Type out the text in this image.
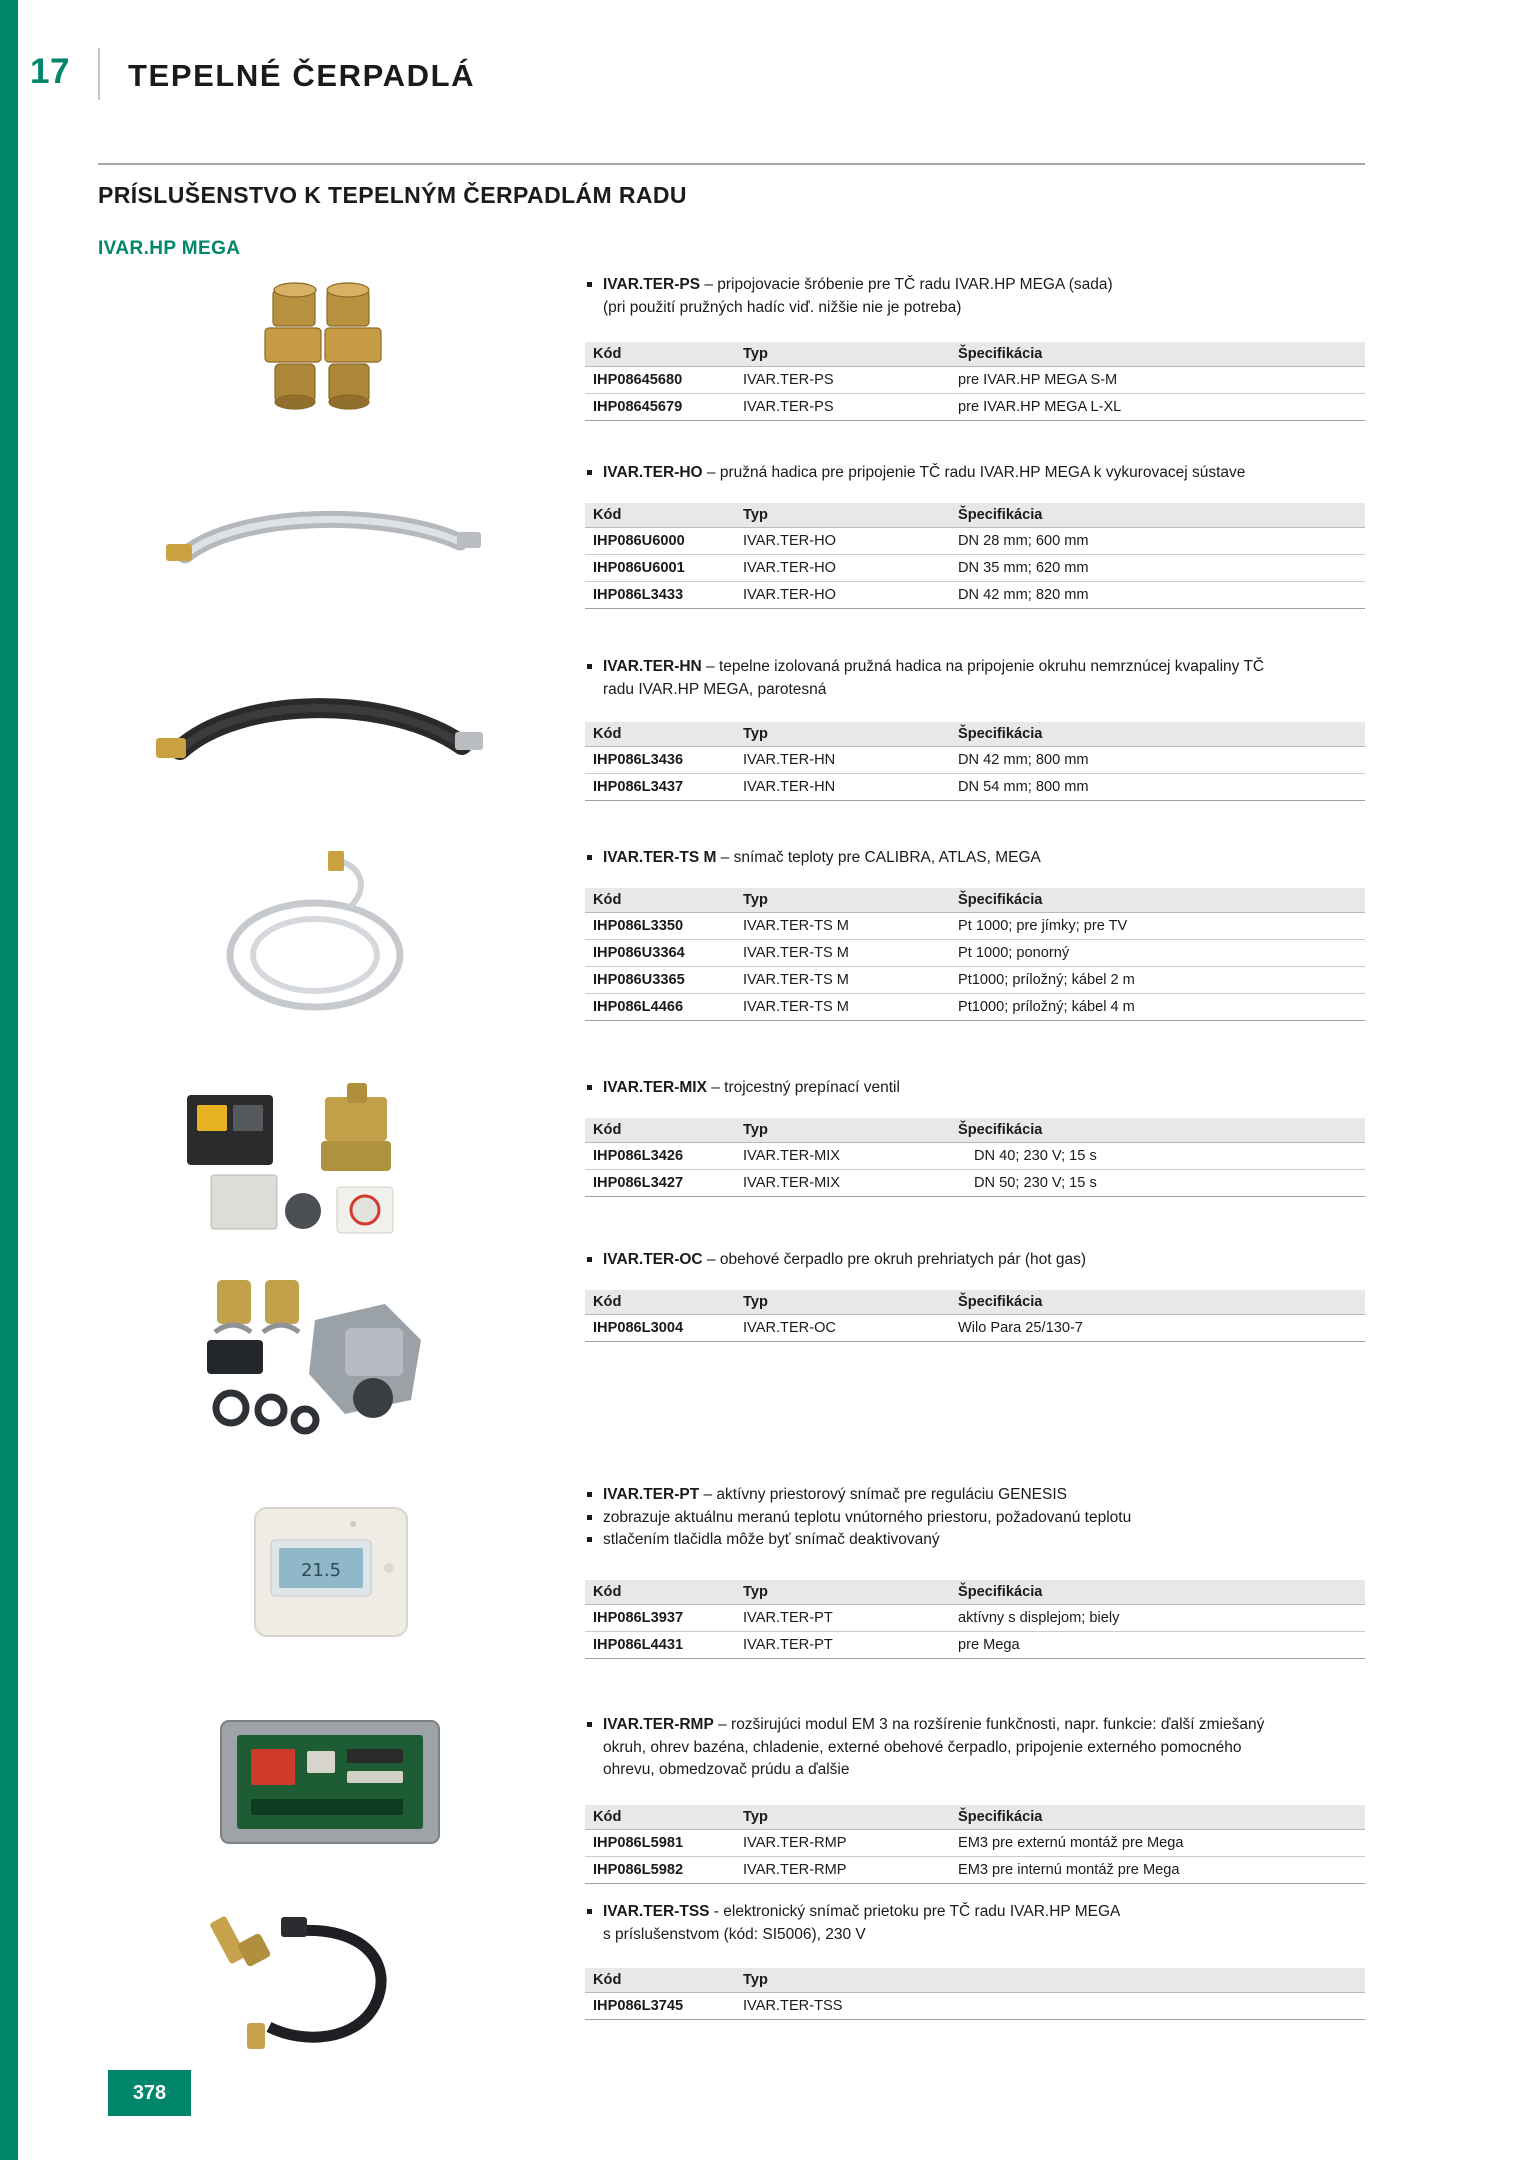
17 TEPELNÉ ČERPADLÁ
PRÍSLUŠENSTVO K TEPELNÝM ČERPADLÁM RADU
IVAR.HP MEGA
378
IVAR.TER-PS – pripojovacie šróbenie pre TČ radu IVAR.HP MEGA (sada)
(pri použití pružných hadíc viď. nižšie nie je potreba)
Kód	Typ	Špecifikácia
IHP08645680	IVAR.TER-PS	pre IVAR.HP MEGA S-M
IHP08645679	IVAR.TER-PS	pre IVAR.HP MEGA L-XL
IVAR.TER-HO – pružná hadica pre pripojenie TČ radu IVAR.HP MEGA k vykurovacej sústave
Kód	Typ	Špecifikácia
IHP086U6000	IVAR.TER-HO	DN 28 mm; 600 mm
IHP086U6001	IVAR.TER-HO	DN 35 mm; 620 mm
IHP086L3433	IVAR.TER-HO	DN 42 mm; 820 mm
IVAR.TER-HN – tepelne izolovaná pružná hadica na pripojenie okruhu nemrznúcej kvapaliny TČ
radu IVAR.HP MEGA, parotesná
Kód	Typ	Špecifikácia
IHP086L3436	IVAR.TER-HN	DN 42 mm; 800 mm
IHP086L3437	IVAR.TER-HN	DN 54 mm; 800 mm
IVAR.TER-TS M – snímač teploty pre CALIBRA, ATLAS, MEGA
Kód	Typ	Špecifikácia
IHP086L3350	IVAR.TER-TS M	Pt 1000; pre jímky; pre TV
IHP086U3364	IVAR.TER-TS M	Pt 1000; ponorný
IHP086U3365	IVAR.TER-TS M	Pt1000; príložný; kábel 2 m
IHP086L4466	IVAR.TER-TS M	Pt1000; príložný; kábel 4 m
IVAR.TER-MIX – trojcestný prepínací ventil
Kód	Typ	Špecifikácia
IHP086L3426	IVAR.TER-MIX	DN 40; 230 V; 15 s
IHP086L3427	IVAR.TER-MIX	DN 50; 230 V; 15 s
IVAR.TER-OC – obehové čerpadlo pre okruh prehriatych pár (hot gas)
Kód	Typ	Špecifikácia
IHP086L3004	IVAR.TER-OC	Wilo Para 25/130-7
21.5
IVAR.TER-PT – aktívny priestorový snímač pre reguláciu GENESIS
zobrazuje aktuálnu meranú teplotu vnútorného priestoru, požadovanú teplotu
stlačením tlačidla môže byť snímač deaktivovaný
Kód	Typ	Špecifikácia
IHP086L3937	IVAR.TER-PT	aktívny s displejom; biely
IHP086L4431	IVAR.TER-PT	pre Mega
IVAR.TER-RMP – rozširujúci modul EM 3 na rozšírenie funkčnosti, napr. funkcie: ďalší zmiešaný
okruh, ohrev bazéna, chladenie, externé obehové čerpadlo, pripojenie externého pomocného
ohrevu, obmedzovač prúdu a ďalšie
Kód	Typ	Špecifikácia
IHP086L5981	IVAR.TER-RMP	EM3 pre externú montáž pre Mega
IHP086L5982	IVAR.TER-RMP	EM3 pre internú montáž pre Mega
IVAR.TER-TSS - elektronický snímač prietoku pre TČ radu IVAR.HP MEGA
s príslušenstvom (kód: SI5006), 230 V
Kód	Typ	
IHP086L3745	IVAR.TER-TSS	
